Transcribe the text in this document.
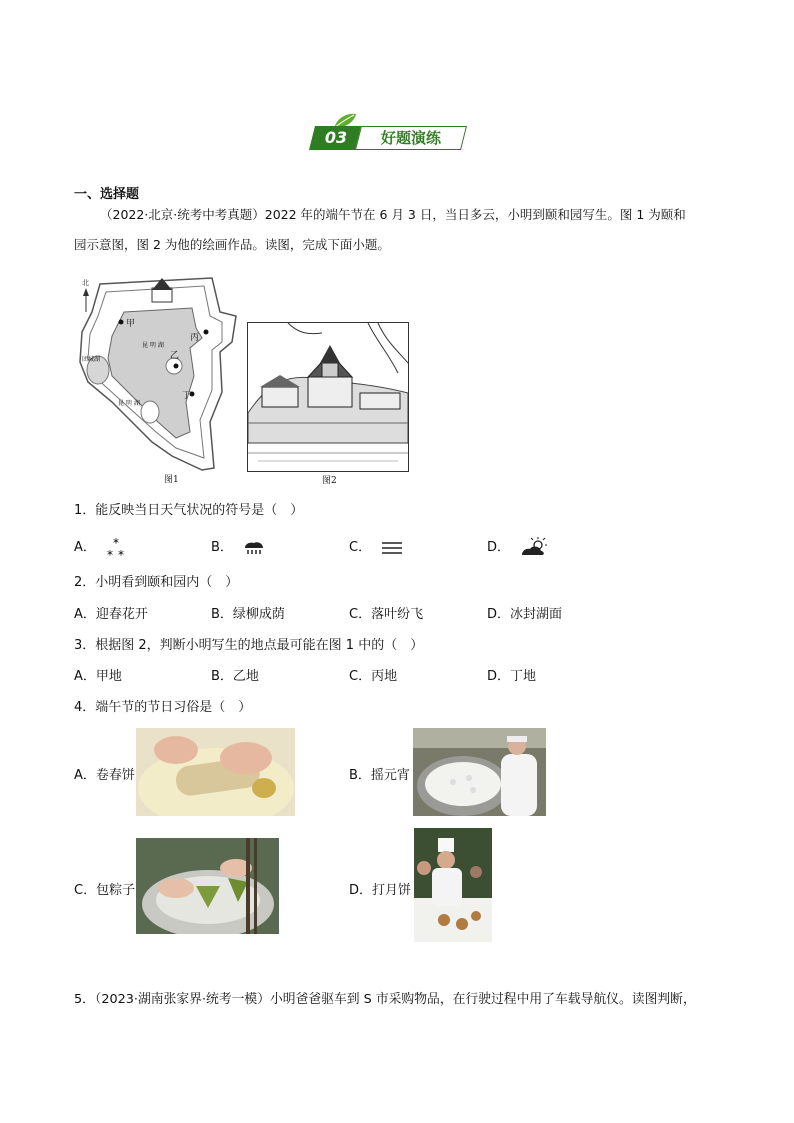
03	好题演练
一、选择题
（2022·北京·统考中考真题）2022 年的端午节在 6 月 3 日，当日多云，小明到颐和园写生。图 1 为颐和
园示意图，图 2 为他的绘画作品。读图，完成下面小题。
北
甲
乙
丙
丁
昆 明 湖
昆 明 湖
团城湖
图1	图2
1．能反映当日天气状况的符号是（　）
A． *
* *	B．	C．	D．
2．小明看到颐和园内（　）
A．迎春花开	B．绿柳成荫	C．落叶纷飞	D．冰封湖面
3．根据图 2，判断小明写生的地点最可能在图 1 中的（　）
A．甲地	B．乙地	C．丙地	D．丁地
4．端午节的节日习俗是（　）
A．卷春饼	B．摇元宵
C．包粽子	D．打月饼
5．（2023·湖南张家界·统考一模）小明爸爸驱车到 S 市采购物品，在行驶过程中用了车载导航仪。读图判断，
